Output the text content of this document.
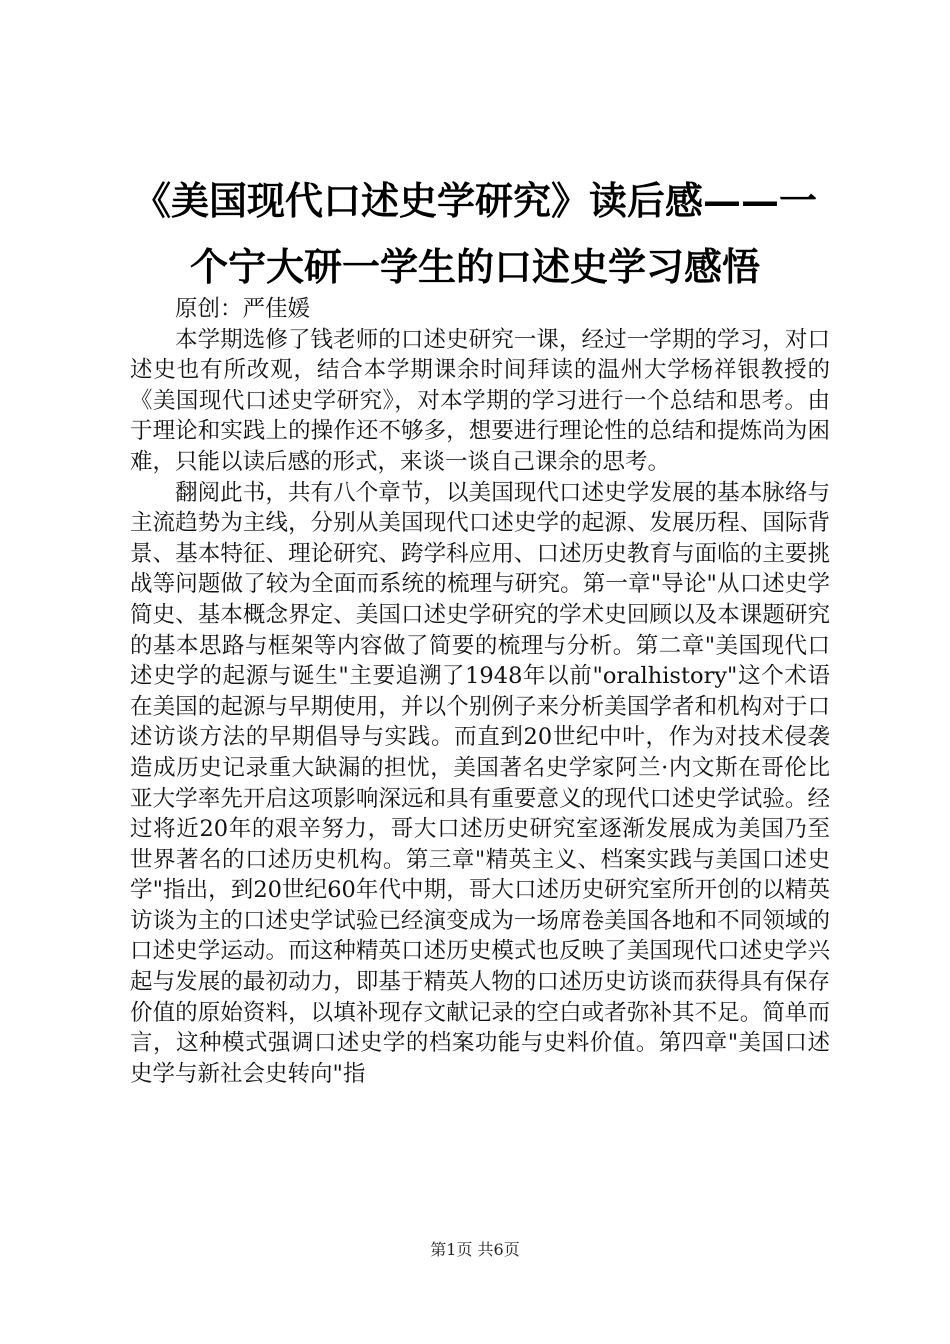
《美国现代口述史学研究》读后感——一个宁大研一学生的口述史学习感悟

原创：严佳媛

本学期选修了钱老师的口述史研究一课，经过一学期的学习，对口述史也有所改观，结合本学期课余时间拜读的温州大学杨祥银教授的《美国现代口述史学研究》，对本学期的学习进行一个总结和思考。由于理论和实践上的操作还不够多，想要进行理论性的总结和提炼尚为困难，只能以读后感的形式，来谈一谈自己课余的思考。

翻阅此书，共有八个章节，以美国现代口述史学发展的基本脉络与主流趋势为主线，分别从美国现代口述史学的起源、发展历程、国际背景、基本特征、理论研究、跨学科应用、口述历史教育与面临的主要挑战等问题做了较为全面而系统的梳理与研究。第一章"导论"从口述史学简史、基本概念界定、美国口述史学研究的学术史回顾以及本课题研究的基本思路与框架等内容做了简要的梳理与分析。第二章"美国现代口述史学的起源与诞生"主要追溯了1948年以前"oralhistory"这个术语在美国的起源与早期使用，并以个别例子来分析美国学者和机构对于口述访谈方法的早期倡导与实践。而直到20世纪中叶，作为对技术侵袭造成历史记录重大缺漏的担忧，美国著名史学家阿兰·内文斯在哥伦比亚大学率先开启这项影响深远和具有重要意义的现代口述史学试验。经过将近20年的艰辛努力，哥大口述历史研究室逐渐发展成为美国乃至世界著名的口述历史机构。第三章"精英主义、档案实践与美国口述史学"指出，到20世纪60年代中期，哥大口述历史研究室所开创的以精英访谈为主的口述史学试验已经演变成为一场席卷美国各地和不同领域的口述史学运动。而这种精英口述历史模式也反映了美国现代口述史学兴起与发展的最初动力，即基于精英人物的口述历史访谈而获得具有保存价值的原始资料，以填补现存文献记录的空白或者弥补其不足。简单而言，这种模式强调口述史学的档案功能与史料价值。第四章"美国口述史学与新社会史转向"指

第1页 共6页
